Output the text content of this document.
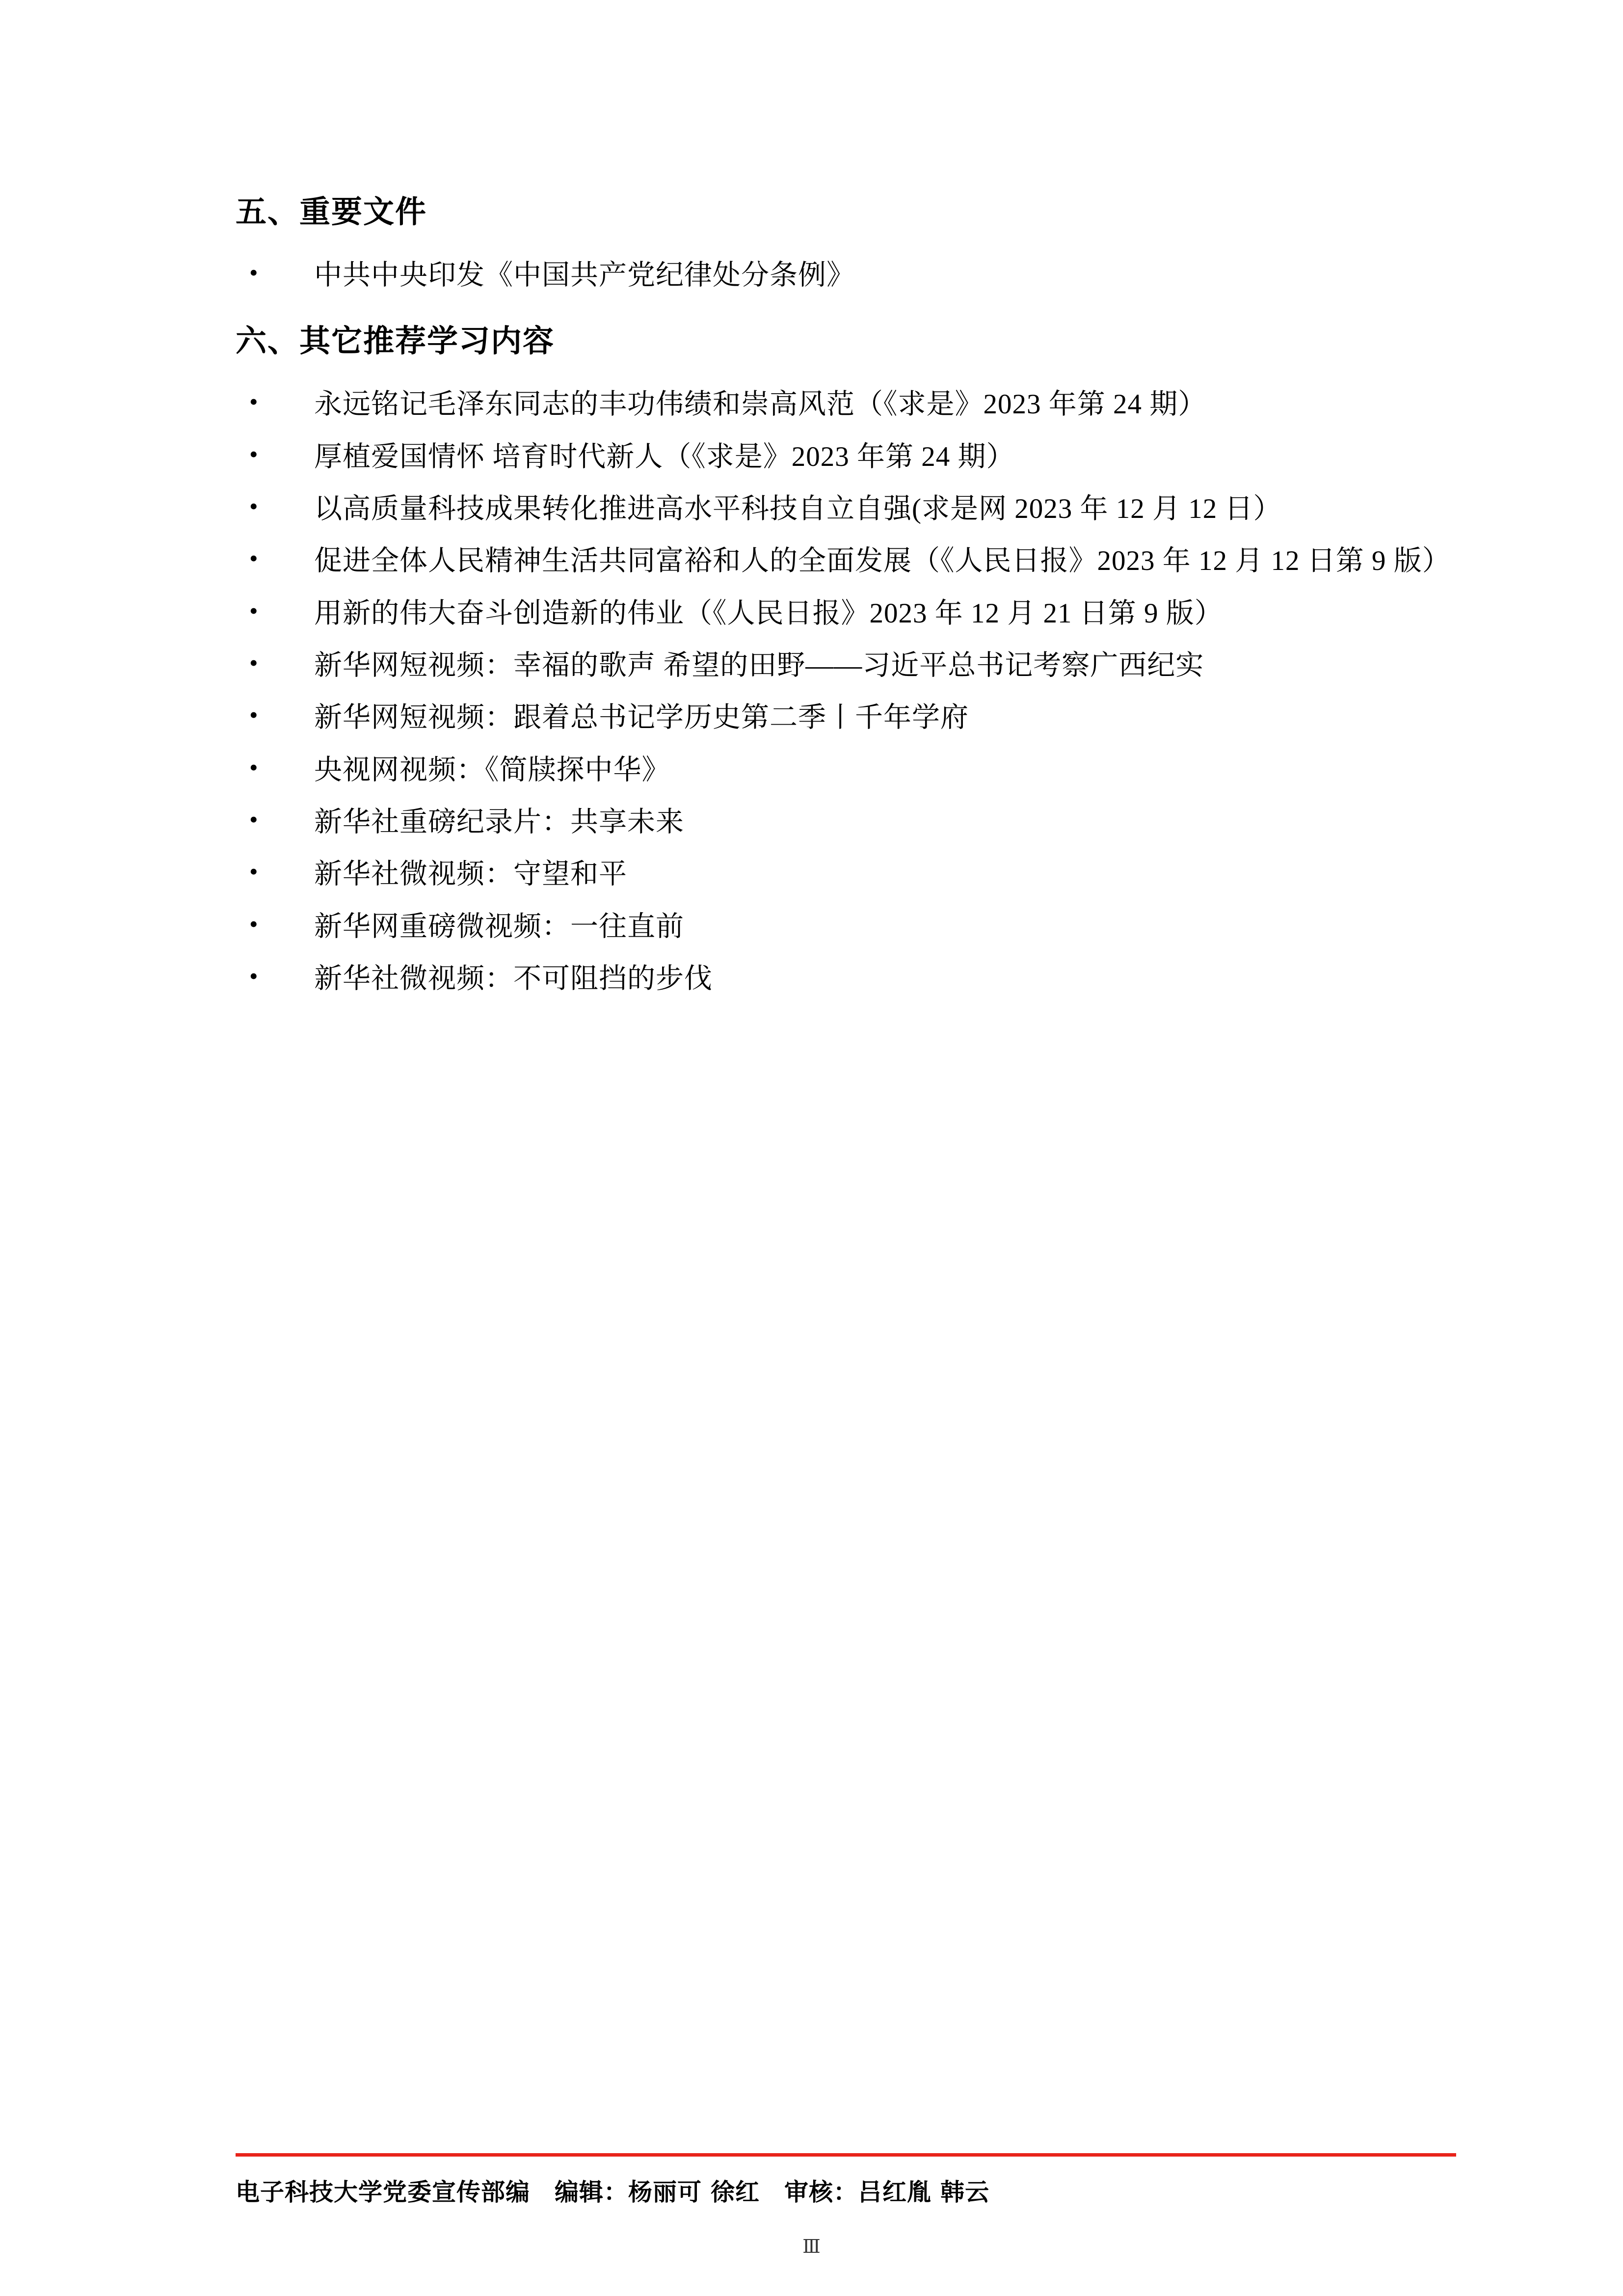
五、重要文件
• 中共中央印发《中国共产党纪律处分条例》
六、其它推荐学习内容
• 永远铭记毛泽东同志的丰功伟绩和崇高风范（《求是》2023 年第 24 期）
• 厚植爱国情怀 培育时代新人（《求是》2023 年第 24 期）
• 以高质量科技成果转化推进高水平科技自立自强(求是网 2023 年 12 月 12 日）
• 促进全体人民精神生活共同富裕和人的全面发展（《人民日报》2023 年 12 月 12 日第 9 版）
• 用新的伟大奋斗创造新的伟业（《人民日报》2023 年 12 月 21 日第 9 版）
• 新华网短视频：幸福的歌声 希望的田野——习近平总书记考察广西纪实
• 新华网短视频：跟着总书记学历史第二季丨千年学府
• 央视网视频：《简牍探中华》
• 新华社重磅纪录片：共享未来
• 新华社微视频：守望和平
• 新华网重磅微视频：一往直前
• 新华社微视频：不可阻挡的步伐
电子科技大学党委宣传部编　编辑：杨丽可 徐红　审核：吕红胤 韩云
Ⅲ
